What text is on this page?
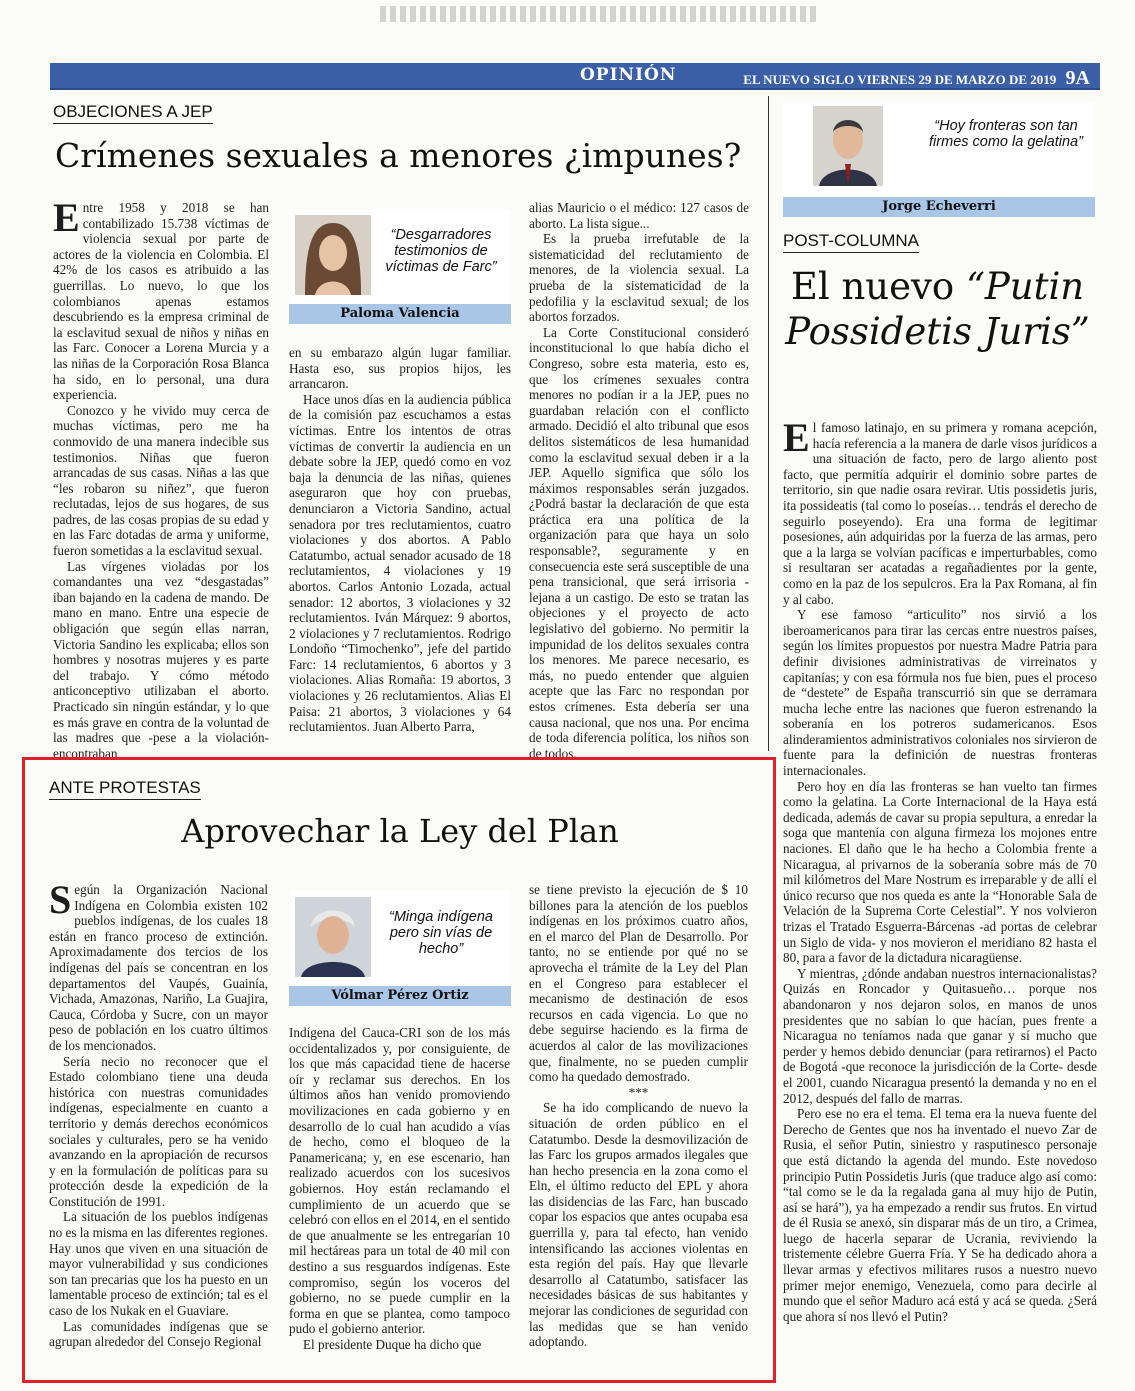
OPINIÓN	EL NUEVO SIGLO VIERNES 29 DE MARZO DE 2019 9A
OBJECIONES A JEP
Crímenes sexuales a menores ¿impunes?

Entre 1958 y 2018 se han contabilizado 15.738 víctimas de violencia sexual por parte de actores de la violencia en Colombia. El 42% de los casos es atribuido a las guerrillas. Lo nuevo, lo que los colombianos apenas estamos descubriendo es la empresa criminal de la esclavitud sexual de niños y niñas en las Farc. Conocer a Lorena Murcia y a las niñas de la Corporación Rosa Blanca ha sido, en lo personal, una dura experiencia.

Conozco y he vivido muy cerca de muchas víctimas, pero me ha conmovido de una manera indecible sus testimonios. Niñas que fueron arrancadas de sus casas. Niñas a las que “les robaron su niñez”, que fueron reclutadas, lejos de sus hogares, de sus padres, de las cosas propias de su edad y en las Farc dotadas de arma y uniforme, fueron sometidas a la esclavitud sexual.

Las vírgenes violadas por los comandantes una vez “desgastadas” iban bajando en la cadena de mando. De mano en mano. Entre una especie de obligación que según ellas narran, Victoria Sandino les explicaba; ellos son hombres y nosotras mujeres y es parte del trabajo. Y cómo método anticonceptivo utilizaban el aborto. Practicado sin ningún estándar, y lo que es más grave en contra de la voluntad de las madres que -pese a la violación- encontraban

“Desgarradores testimonios de víctimas de Farc”
Paloma Valencia

en su embarazo algún lugar familiar. Hasta eso, sus propios hijos, les arrancaron.

Hace unos días en la audiencia pública de la comisión paz escuchamos a estas víctimas. Entre los intentos de otras víctimas de convertir la audiencia en un debate sobre la JEP, quedó como en voz baja la denuncia de las niñas, quienes aseguraron que hoy con pruebas, denunciaron a Victoria Sandino, actual senadora por tres reclutamientos, cuatro violaciones y dos abortos. A Pablo Catatumbo, actual senador acusado de 18 reclutamientos, 4 violaciones y 19 abortos. Carlos Antonio Lozada, actual senador: 12 abortos, 3 violaciones y 32 reclutamientos. Iván Márquez: 9 abortos, 2 violaciones y 7 reclutamientos. Rodrigo Londoño “Timochenko”, jefe del partido Farc: 14 reclutamientos, 6 abortos y 3 violaciones. Alias Romaña: 19 abortos, 3 violaciones y 26 reclutamientos. Alias El Paisa: 21 abortos, 3 violaciones y 64 reclutamientos. Juan Alberto Parra,

alias Mauricio o el médico: 127 casos de aborto. La lista sigue...

Es la prueba irrefutable de la sistematicidad del reclutamiento de menores, de la violencia sexual. La prueba de la sistematicidad de la pedofilia y la esclavitud sexual; de los abortos forzados.

La Corte Constitucional consideró inconstitucional lo que había dicho el Congreso, sobre esta materia, esto es, que los crímenes sexuales contra menores no podían ir a la JEP, pues no guardaban relación con el conflicto armado. Decidió el alto tribunal que esos delitos sistemáticos de lesa humanidad como la esclavitud sexual deben ir a la JEP. Aquello significa que sólo los máximos responsables serán juzgados. ¿Podrá bastar la declaración de que esta práctica era una política de la organización para que haya un solo responsable?, seguramente y en consecuencia este será susceptible de una pena transicional, que será irrisoria -lejana a un castigo. De esto se tratan las objeciones y el proyecto de acto legislativo del gobierno. No permitir la impunidad de los delitos sexuales contra los menores. Me parece necesario, es más, no puedo entender que alguien acepte que las Farc no respondan por estos crímenes. Esta debería ser una causa nacional, que nos una. Por encima de toda diferencia política, los niños son de todos.

“Hoy fronteras son tan firmes como la gelatina”
Jorge Echeverri
POST-COLUMNA
El nuevo “Putin Possidetis Juris”

El famoso latinajo, en su primera y romana acepción, hacía referencia a la manera de darle visos jurídicos a una situación de facto, pero de largo aliento post facto, que permitía adquirir el dominio sobre partes de territorio, sin que nadie osara revirar. Utis possidetis juris, ita possideatis (tal como lo poseías… tendrás el derecho de seguirlo poseyendo). Era una forma de legitimar posesiones, aún adquiridas por la fuerza de las armas, pero que a la larga se volvían pacíficas e imperturbables, como si resultaran ser acatadas a regañadientes por la gente, como en la paz de los sepulcros. Era la Pax Romana, al fin y al cabo.

Y ese famoso “articulito” nos sirvió a los iberoamericanos para tirar las cercas entre nuestros países, según los límites propuestos por nuestra Madre Patria para definir divisiones administrativas de virreinatos y capitanías; y con esa fórmula nos fue bien, pues el proceso de “destete” de España transcurrió sin que se derramara mucha leche entre las naciones que fueron estrenando la soberanía en los potreros sudamericanos. Esos alinderamientos administrativos coloniales nos sirvieron de fuente para la definición de nuestras fronteras internacionales.

Pero hoy en día las fronteras se han vuelto tan firmes como la gelatina. La Corte Internacional de la Haya está dedicada, además de cavar su propia sepultura, a enredar la soga que mantenía con alguna firmeza los mojones entre naciones. El daño que le ha hecho a Colombia frente a Nicaragua, al privarnos de la soberanía sobre más de 70 mil kilómetros del Mare Nostrum es irreparable y de allí el único recurso que nos queda es ante la “Honorable Sala de Velación de la Suprema Corte Celestial”. Y nos volvieron trizas el Tratado Esguerra-Bárcenas -ad portas de celebrar un Siglo de vida- y nos movieron el meridiano 82 hasta el 80, para a favor de la dictadura nicaragüense.

Y mientras, ¿dónde andaban nuestros internacionalistas? Quizás en Roncador y Quitasueño… porque nos abandonaron y nos dejaron solos, en manos de unos presidentes que no sabían lo que hacían, pues frente a Nicaragua no teníamos nada que ganar y sí mucho que perder y hemos debido denunciar (para retirarnos) el Pacto de Bogotá -que reconoce la jurisdicción de la Corte- desde el 2001, cuando Nicaragua presentó la demanda y no en el 2012, después del fallo de marras.

Pero ese no era el tema. El tema era la nueva fuente del Derecho de Gentes que nos ha inventado el nuevo Zar de Rusia, el señor Putin, siniestro y rasputinesco personaje que está dictando la agenda del mundo. Este novedoso principio Putin Possidetis Juris (que traduce algo así como: “tal como se le da la regalada gana al muy hijo de Putin, así se hará”), ya ha empezado a rendir sus frutos. En virtud de él Rusia se anexó, sin disparar más de un tiro, a Crimea, luego de hacerla separar de Ucrania, reviviendo la tristemente célebre Guerra Fría. Y Se ha dedicado ahora a llevar armas y efectivos militares rusos a nuestro nuevo primer mejor enemigo, Venezuela, como para decirle al mundo que el señor Maduro acá está y acá se queda. ¿Será que ahora sí nos llevó el Putin?

ANTE PROTESTAS
Aprovechar la Ley del Plan

Según la Organización Nacional Indígena en Colombia existen 102 pueblos indígenas, de los cuales 18 están en franco proceso de extinción. Aproximadamente dos tercios de los indígenas del país se concentran en los departamentos del Vaupés, Guainía, Vichada, Amazonas, Nariño, La Guajira, Cauca, Córdoba y Sucre, con un mayor peso de población en los cuatro últimos de los mencionados.

Sería necio no reconocer que el Estado colombiano tiene una deuda histórica con nuestras comunidades indígenas, especialmente en cuanto a territorio y demás derechos económicos sociales y culturales, pero se ha venido avanzando en la apropiación de recursos y en la formulación de políticas para su protección desde la expedición de la Constitución de 1991.

La situación de los pueblos indígenas no es la misma en las diferentes regiones. Hay unos que viven en una situación de mayor vulnerabilidad y sus condiciones son tan precarias que los ha puesto en un lamentable proceso de extinción; tal es el caso de los Nukak en el Guaviare.

Las comunidades indígenas que se agrupan alrededor del Consejo Regional

“Minga indígena pero sin vías de hecho”
Vólmar Pérez Ortiz

Indígena del Cauca-CRI son de los más occidentalizados y, por consiguiente, de los que más capacidad tiene de hacerse oír y reclamar sus derechos. En los últimos años han venido promoviendo movilizaciones en cada gobierno y en desarrollo de lo cual han acudido a vías de hecho, como el bloqueo de la Panamericana; y, en ese escenario, han realizado acuerdos con los sucesivos gobiernos. Hoy están reclamando el cumplimiento de un acuerdo que se celebró con ellos en el 2014, en el sentido de que anualmente se les entregarían 10 mil hectáreas para un total de 40 mil con destino a sus resguardos indígenas. Este compromiso, según los voceros del gobierno, no se puede cumplir en la forma en que se plantea, como tampoco pudo el gobierno anterior.

El presidente Duque ha dicho que

se tiene previsto la ejecución de $ 10 billones para la atención de los pueblos indígenas en los próximos cuatro años, en el marco del Plan de Desarrollo. Por tanto, no se entiende por qué no se aprovecha el trámite de la Ley del Plan en el Congreso para establecer el mecanismo de destinación de esos recursos en cada vigencia. Lo que no debe seguirse haciendo es la firma de acuerdos al calor de las movilizaciones que, finalmente, no se pueden cumplir como ha quedado demostrado.

***

Se ha ido complicando de nuevo la situación de orden público en el Catatumbo. Desde la desmovilización de las Farc los grupos armados ilegales que han hecho presencia en la zona como el Eln, el último reducto del EPL y ahora las disidencias de las Farc, han buscado copar los espacios que antes ocupaba esa guerrilla y, para tal efecto, han venido intensificando las acciones violentas en esta región del país. Hay que llevarle desarrollo al Catatumbo, satisfacer las necesidades básicas de sus habitantes y mejorar las condiciones de seguridad con las medidas que se han venido adoptando.
